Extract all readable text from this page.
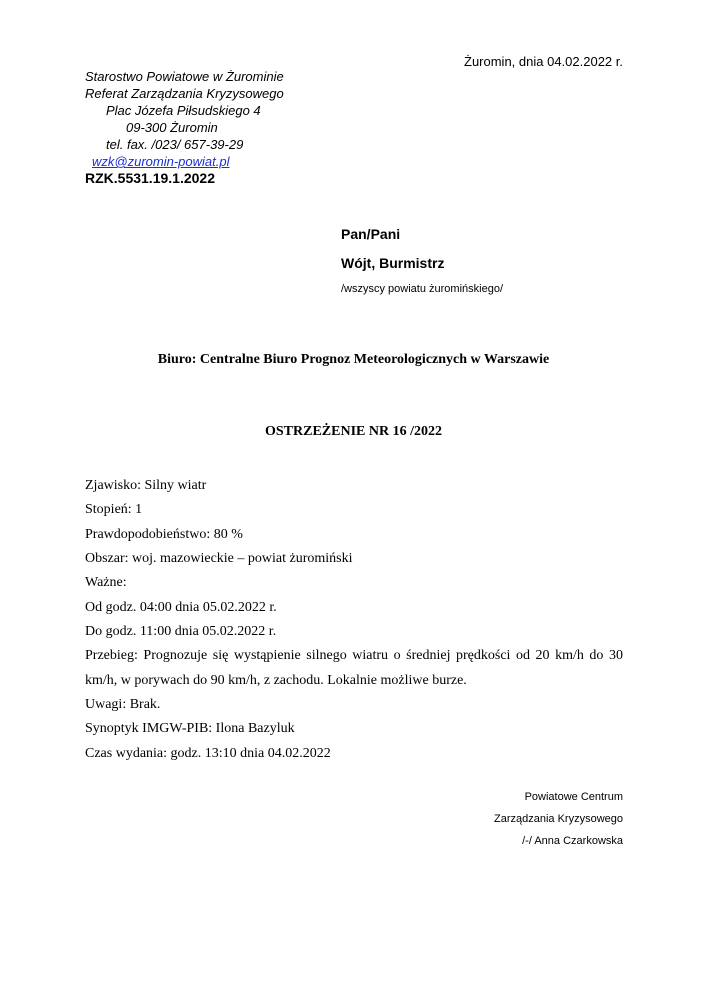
Żuromin, dnia 04.02.2022 r.
Starostwo Powiatowe w Żurominie
Referat Zarządzania Kryzysowego
Plac Józefa Piłsudskiego 4
09-300 Żuromin
tel. fax. /023/ 657-39-29
wzk@zuromin-powiat.pl
RZK.5531.19.1.2022
Pan/Pani
Wójt, Burmistrz
/wszyscy powiatu żuromińskiego/
Biuro: Centralne Biuro Prognoz Meteorologicznych w Warszawie
OSTRZEŻENIE NR 16 /2022
Zjawisko: Silny wiatr
Stopień: 1
Prawdopodobieństwo: 80 %
Obszar: woj. mazowieckie – powiat żuromiński
Ważne:
Od godz. 04:00 dnia 05.02.2022 r.
Do godz. 11:00 dnia 05.02.2022 r.
Przebieg: Prognozuje się wystąpienie silnego wiatru o średniej prędkości od 20 km/h do 30
km/h, w porywach do 90 km/h, z zachodu. Lokalnie możliwe burze.
Uwagi: Brak.
Synoptyk IMGW-PIB: Ilona Bazyluk
Czas wydania: godz. 13:10 dnia 04.02.2022
Powiatowe Centrum
Zarządzania Kryzysowego
/-/ Anna Czarkowska
